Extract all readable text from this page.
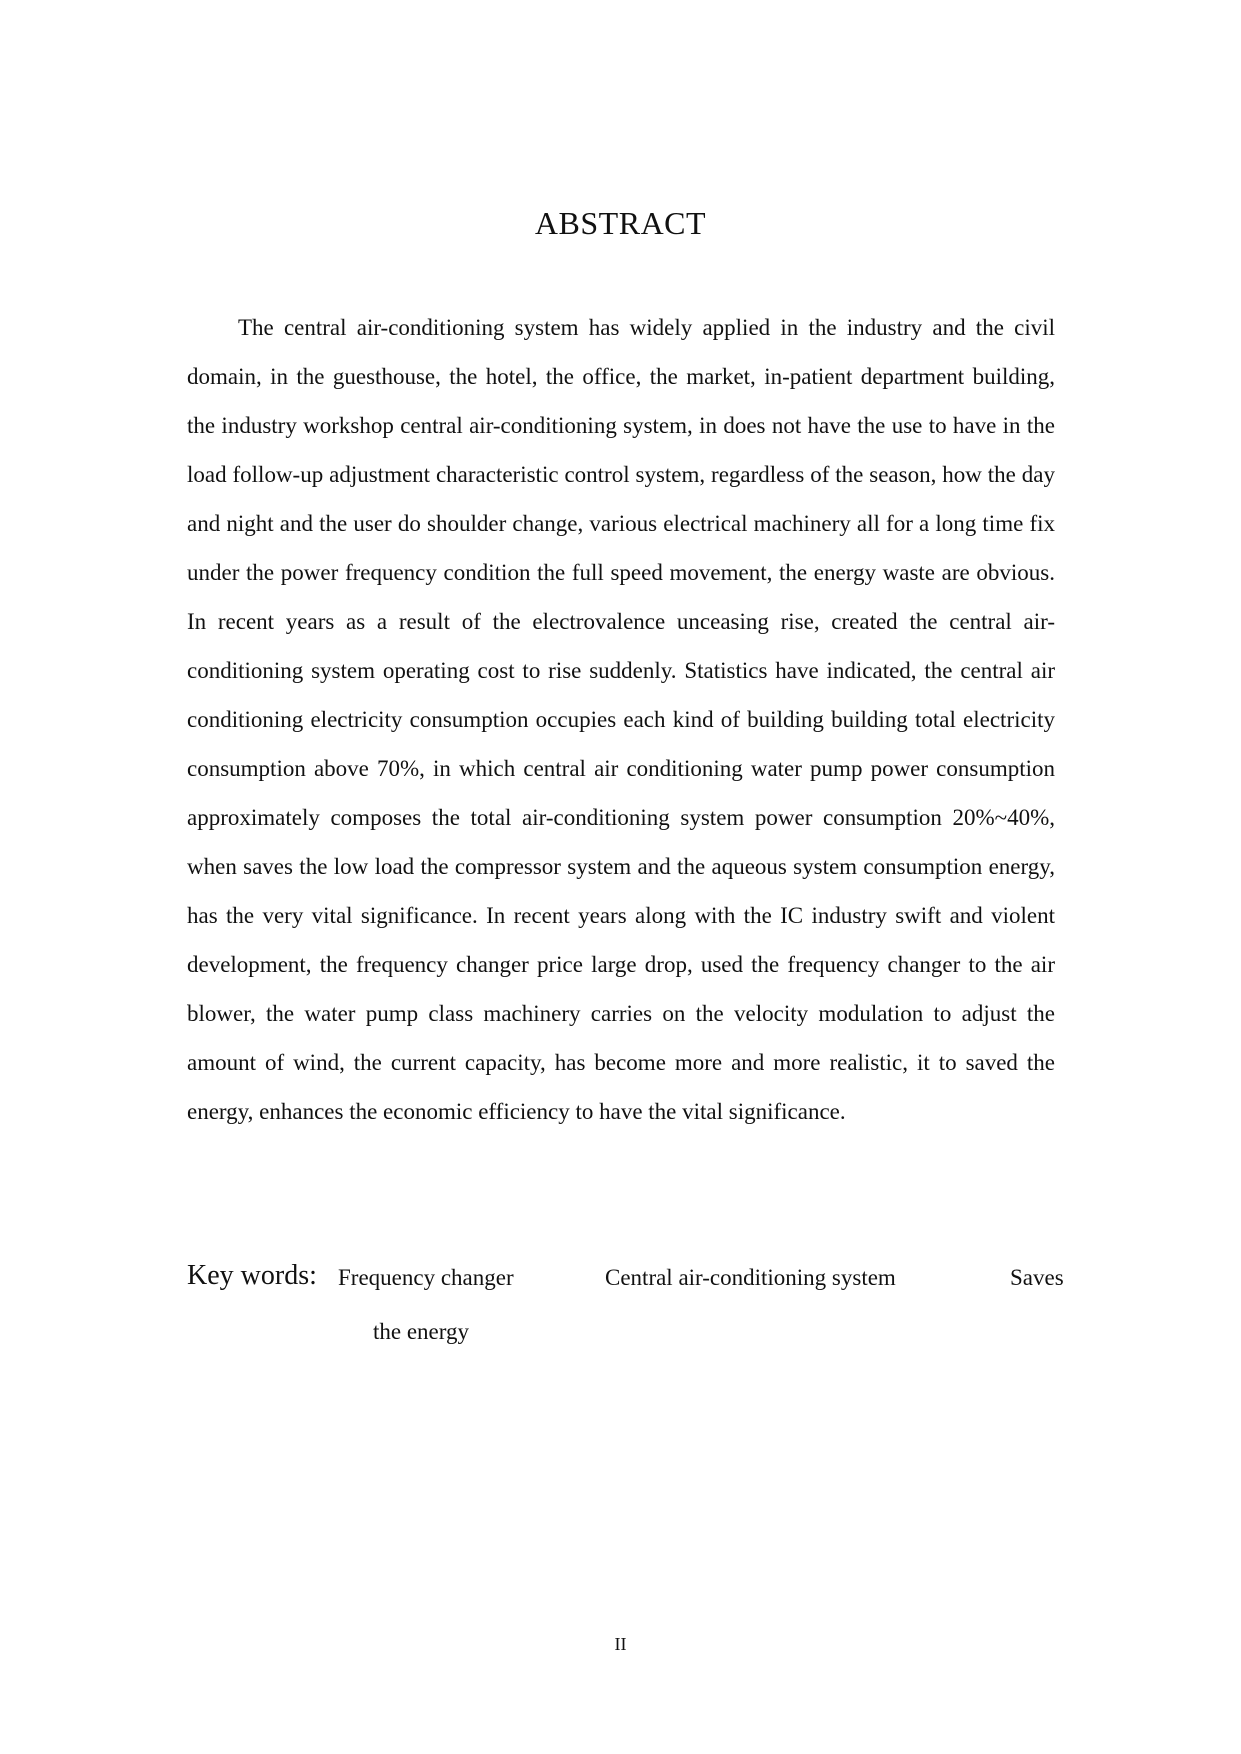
ABSTRACT

The central air-conditioning system has widely applied in the industry and the civil domain, in the guesthouse, the hotel, the office, the market, in-patient department building, the industry workshop central air-conditioning system, in does not have the use to have in the load follow-up adjustment characteristic control system, regardless of the season, how the day and night and the user do shoulder change, various electrical machinery all for a long time fix under the power frequency condition the full speed movement, the energy waste are obvious. In recent years as a result of the electrovalence unceasing rise, created the central air-conditioning system operating cost to rise suddenly. Statistics have indicated, the central air conditioning electricity consumption occupies each kind of building building total electricity consumption above 70%, in which central air conditioning water pump power consumption approximately composes the total air-conditioning system power consumption 20%~40%, when saves the low load the compressor system and the aqueous system consumption energy, has the very vital significance. In recent years along with the IC industry swift and violent development, the frequency changer price large drop, used the frequency changer to the air blower, the water pump class machinery carries on the velocity modulation to adjust the amount of wind, the current capacity, has become more and more realistic, it to saved the energy, enhances the economic efficiency to have the vital significance.

Key words: Frequency changer	Central air-conditioning system	Saves
the energy
II
